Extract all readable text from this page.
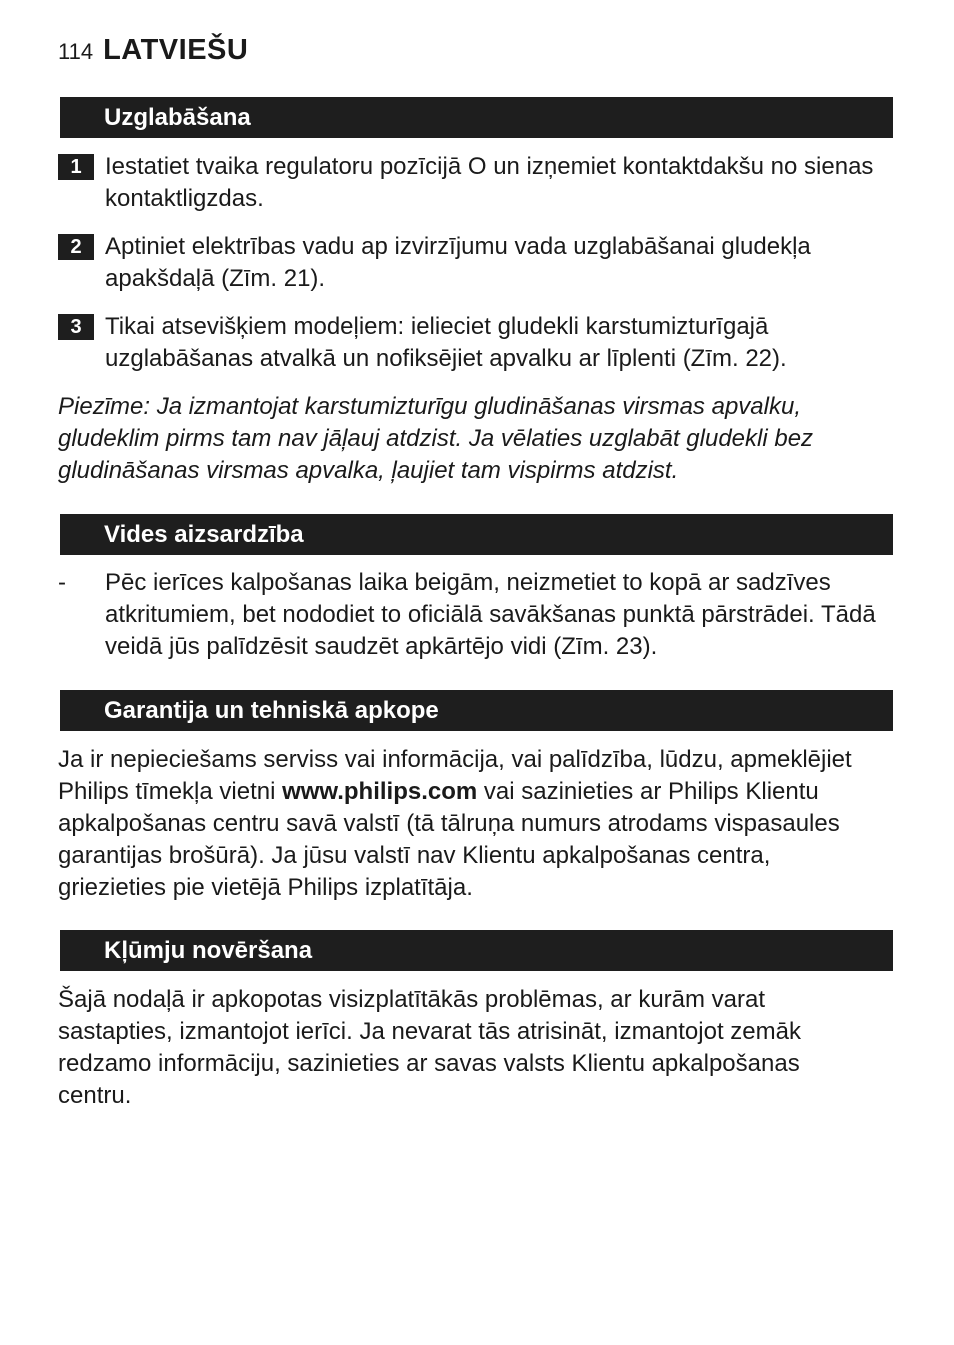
114 LATVIEŠU
Uzglabāšana
1 Iestatiet tvaika regulatoru pozīcijā O un izņemiet kontaktdakšu no sienas kontaktligzdas.
2 Aptiniet elektrības vadu ap izvirzījumu vada uzglabāšanai gludekļa apakšdaļā (Zīm. 21).
3 Tikai atsevišķiem modeļiem: ielieciet gludekli karstumizturīgajā uzglabāšanas atvalkā un nofiksējiet apvalku ar līplenti (Zīm. 22).
Piezīme: Ja izmantojat karstumizturīgu gludināšanas virsmas apvalku, gludeklim pirms tam nav jāļauj atdzist. Ja vēlaties uzglabāt gludekli bez gludināšanas virsmas apvalka, ļaujiet tam vispirms atdzist.
Vides aizsardzība
- Pēc ierīces kalpošanas laika beigām, neizmetiet to kopā ar sadzīves atkritumiem, bet nododiet to oficiālā savākšanas punktā pārstrādei. Tādā veidā jūs palīdzēsit saudzēt apkārtējo vidi (Zīm. 23).
Garantija un tehniskā apkope
Ja ir nepieciešams serviss vai informācija, vai palīdzība, lūdzu, apmeklējiet Philips tīmekļa vietni www.philips.com vai sazinieties ar Philips Klientu apkalpošanas centru savā valstī (tā tālruņa numurs atrodams vispasaules garantijas brošūrā). Ja jūsu valstī nav Klientu apkalpošanas centra, griezieties pie vietējā Philips izplatītāja.
Kļūmju novēršana
Šajā nodaļā ir apkopotas visizplatītākās problēmas, ar kurām varat sastapties, izmantojot ierīci. Ja nevarat tās atrisināt, izmantojot zemāk redzamo informāciju, sazinieties ar savas valsts Klientu apkalpošanas centru.
